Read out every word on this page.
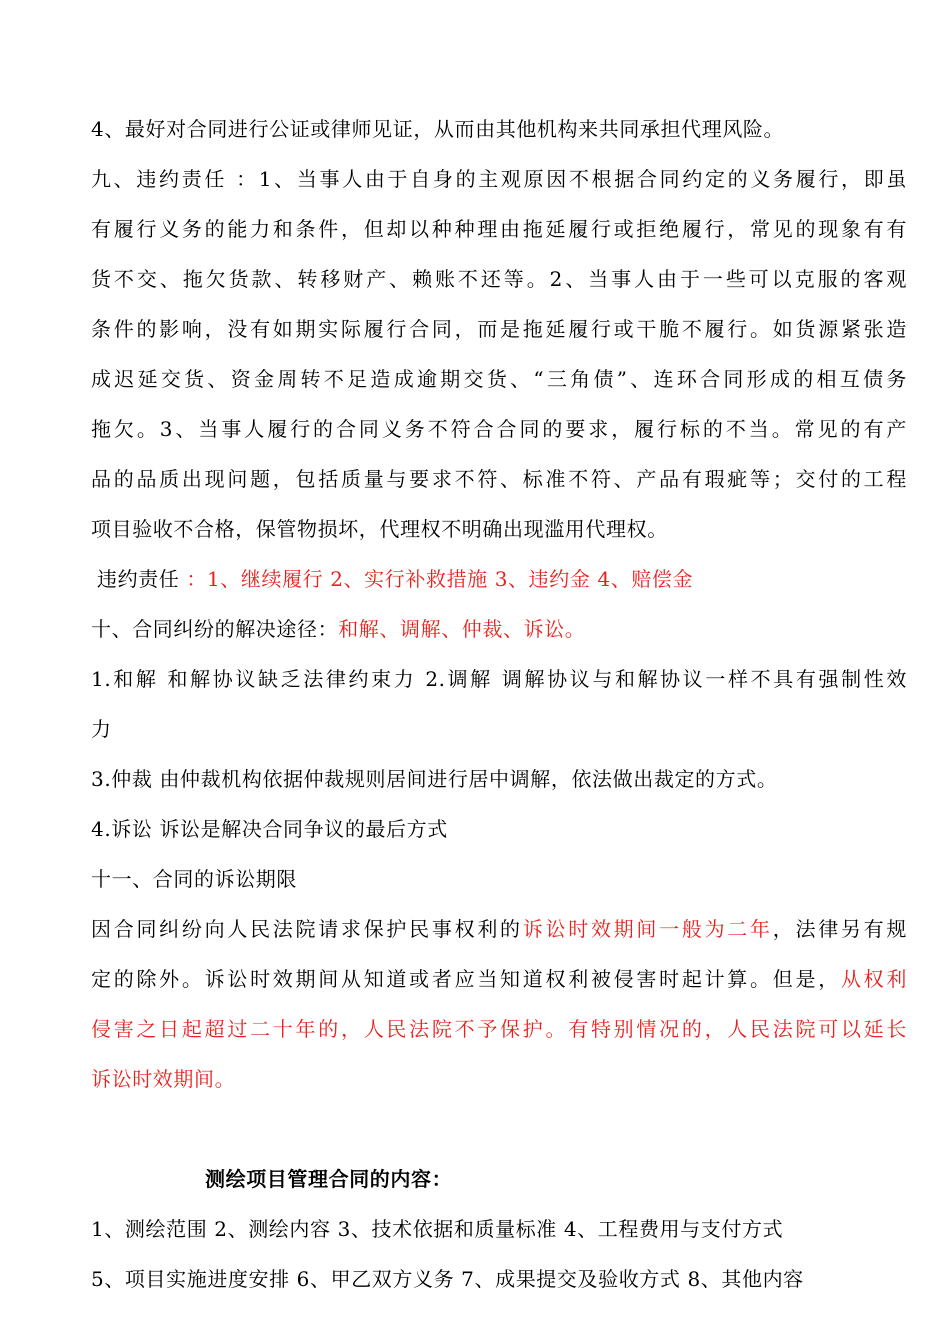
4、最好对合同进行公证或律师见证，从而由其他机构来共同承担代理风险。
九、违约责任 ：1、当事人由于自身的主观原因不根据合同约定的义务履行，即虽
有履行义务的能力和条件，但却以种种理由拖延履行或拒绝履行，常见的现象有有
货不交、拖欠货款、转移财产、赖账不还等。2、当事人由于一些可以克服的客观
条件的影响，没有如期实际履行合同，而是拖延履行或干脆不履行。如货源紧张造
成迟延交货、资金周转不足造成逾期交货、“三角债”、连环合同形成的相互债务
拖欠。3、当事人履行的合同义务不符合合同的要求，履行标的不当。常见的有产
品的品质出现问题，包括质量与要求不符、标准不符、产品有瑕疵等；交付的工程
项目验收不合格，保管物损坏，代理权不明确出现滥用代理权。
违约责任 ：1、继续履行 2、实行补救措施 3、违约金 4、赔偿金
十、合同纠纷的解决途径：和解、调解、仲裁、诉讼。
1.和解 和解协议缺乏法律约束力 2.调解 调解协议与和解协议一样不具有强制性效
力
3.仲裁 由仲裁机构依据仲裁规则居间进行居中调解，依法做出裁定的方式。
4.诉讼 诉讼是解决合同争议的最后方式
十一、合同的诉讼期限
因合同纠纷向人民法院请求保护民事权利的诉讼时效期间一般为二年，法律另有规
定的除外。诉讼时效期间从知道或者应当知道权利被侵害时起计算。但是，从权利
侵害之日起超过二十年的，人民法院不予保护。有特别情况的，人民法院可以延长
诉讼时效期间。
测绘项目管理合同的内容：
1、测绘范围 2、测绘内容 3、技术依据和质量标准 4、工程费用与支付方式
5、项目实施进度安排 6、甲乙双方义务 7、成果提交及验收方式 8、其他内容
